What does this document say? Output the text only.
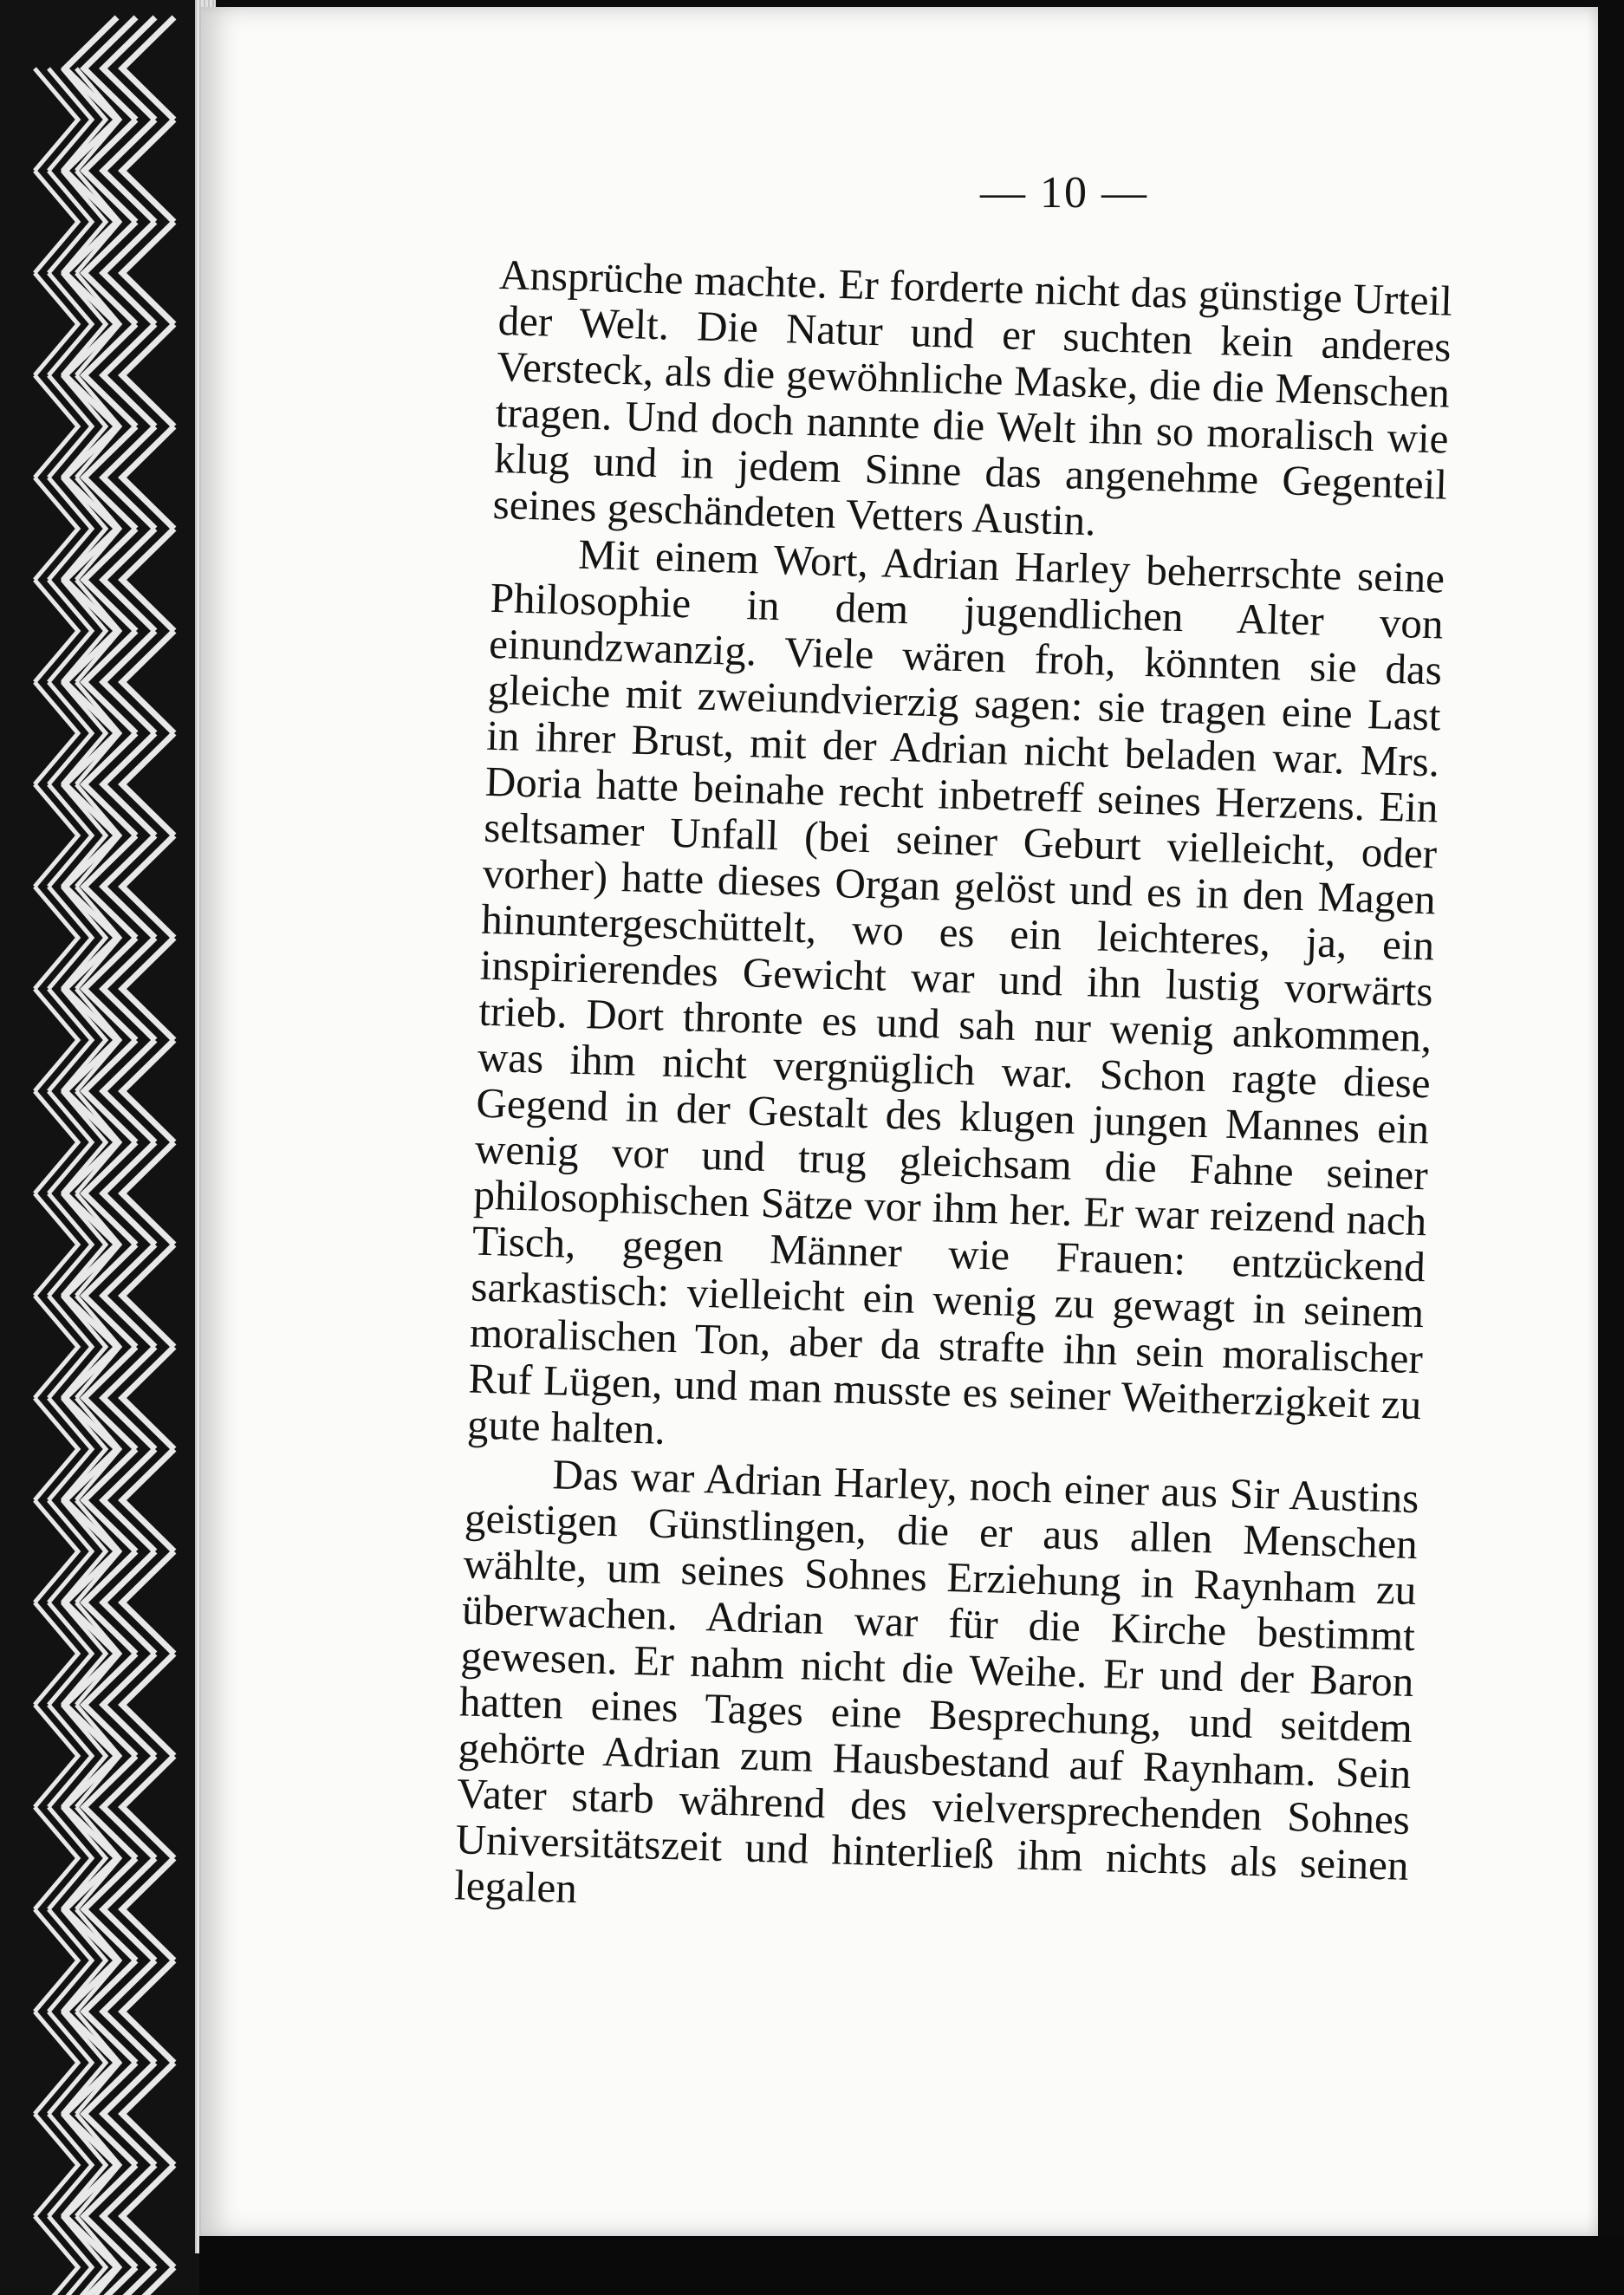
— 10 —

Ansprüche machte. Er forderte nicht das günstige Urteil der Welt. Die Natur und er suchten kein anderes Versteck, als die gewöhnliche Maske, die die Menschen tragen. Und doch nannte die Welt ihn so moralisch wie klug und in jedem Sinne das angenehme Gegenteil seines geschändeten Vetters Austin.

Mit einem Wort, Adrian Harley beherrschte seine Philosophie in dem jugendlichen Alter von einundzwanzig. Viele wären froh, könnten sie das gleiche mit zweiundvierzig sagen: sie tragen eine Last in ihrer Brust, mit der Adrian nicht beladen war. Mrs. Doria hatte beinahe recht inbetreff seines Herzens. Ein seltsamer Unfall (bei seiner Geburt vielleicht, oder vorher) hatte dieses Organ gelöst und es in den Magen hinuntergeschüttelt, wo es ein leichteres, ja, ein inspirierendes Gewicht war und ihn lustig vorwärts trieb. Dort thronte es und sah nur wenig ankommen, was ihm nicht vergnüglich war. Schon ragte diese Gegend in der Gestalt des klugen jungen Mannes ein wenig vor und trug gleichsam die Fahne seiner philosophischen Sätze vor ihm her. Er war reizend nach Tisch, gegen Männer wie Frauen: entzückend sarkastisch: vielleicht ein wenig zu gewagt in seinem moralischen Ton, aber da strafte ihn sein moralischer Ruf Lügen, und man musste es seiner Weitherzigkeit zu gute halten.

Das war Adrian Harley, noch einer aus Sir Austins geistigen Günstlingen, die er aus allen Menschen wählte, um seines Sohnes Erziehung in Raynham zu überwachen. Adrian war für die Kirche bestimmt gewesen. Er nahm nicht die Weihe. Er und der Baron hatten eines Tages eine Besprechung, und seitdem gehörte Adrian zum Hausbestand auf Raynham. Sein Vater starb während des vielversprechenden Sohnes Universitätszeit und hinterließ ihm nichts als seinen legalen
